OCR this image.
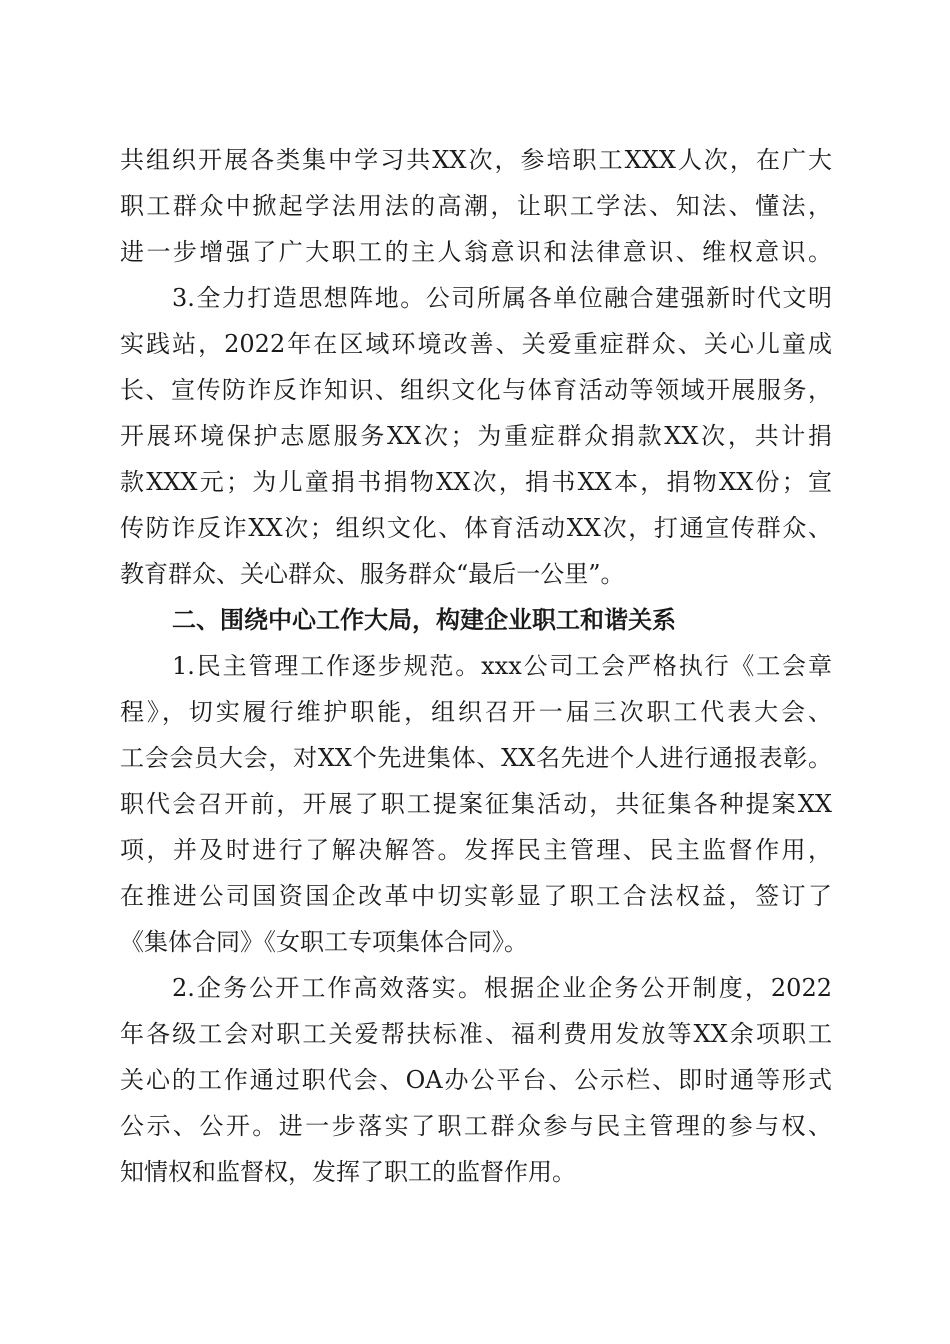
共组织开展各类集中学习共XX次，参培职工XXX人次，在广大
职工群众中掀起学法用法的高潮，让职工学法、知法、懂法，
进一步增强了广大职工的主人翁意识和法律意识、维权意识。
3.全力打造思想阵地。公司所属各单位融合建强新时代文明
实践站，2022年在区域环境改善、关爱重症群众、关心儿童成
长、宣传防诈反诈知识、组织文化与体育活动等领域开展服务，
开展环境保护志愿服务XX次；为重症群众捐款XX次，共计捐
款XXX元；为儿童捐书捐物XX次，捐书XX本，捐物XX份；宣
传防诈反诈XX次；组织文化、体育活动XX次，打通宣传群众、
教育群众、关心群众、服务群众“最后一公里”。
二、围绕中心工作大局，构建企业职工和谐关系
1.民主管理工作逐步规范。xxx公司工会严格执行《工会章
程》，切实履行维护职能，组织召开一届三次职工代表大会、
工会会员大会，对XX个先进集体、XX名先进个人进行通报表彰。
职代会召开前，开展了职工提案征集活动，共征集各种提案XX
项，并及时进行了解决解答。发挥民主管理、民主监督作用，
在推进公司国资国企改革中切实彰显了职工合法权益，签订了
《集体合同》《女职工专项集体合同》。
2.企务公开工作高效落实。根据企业企务公开制度，2022
年各级工会对职工关爱帮扶标准、福利费用发放等XX余项职工
关心的工作通过职代会、OA办公平台、公示栏、即时通等形式
公示、公开。进一步落实了职工群众参与民主管理的参与权、
知情权和监督权，发挥了职工的监督作用。
